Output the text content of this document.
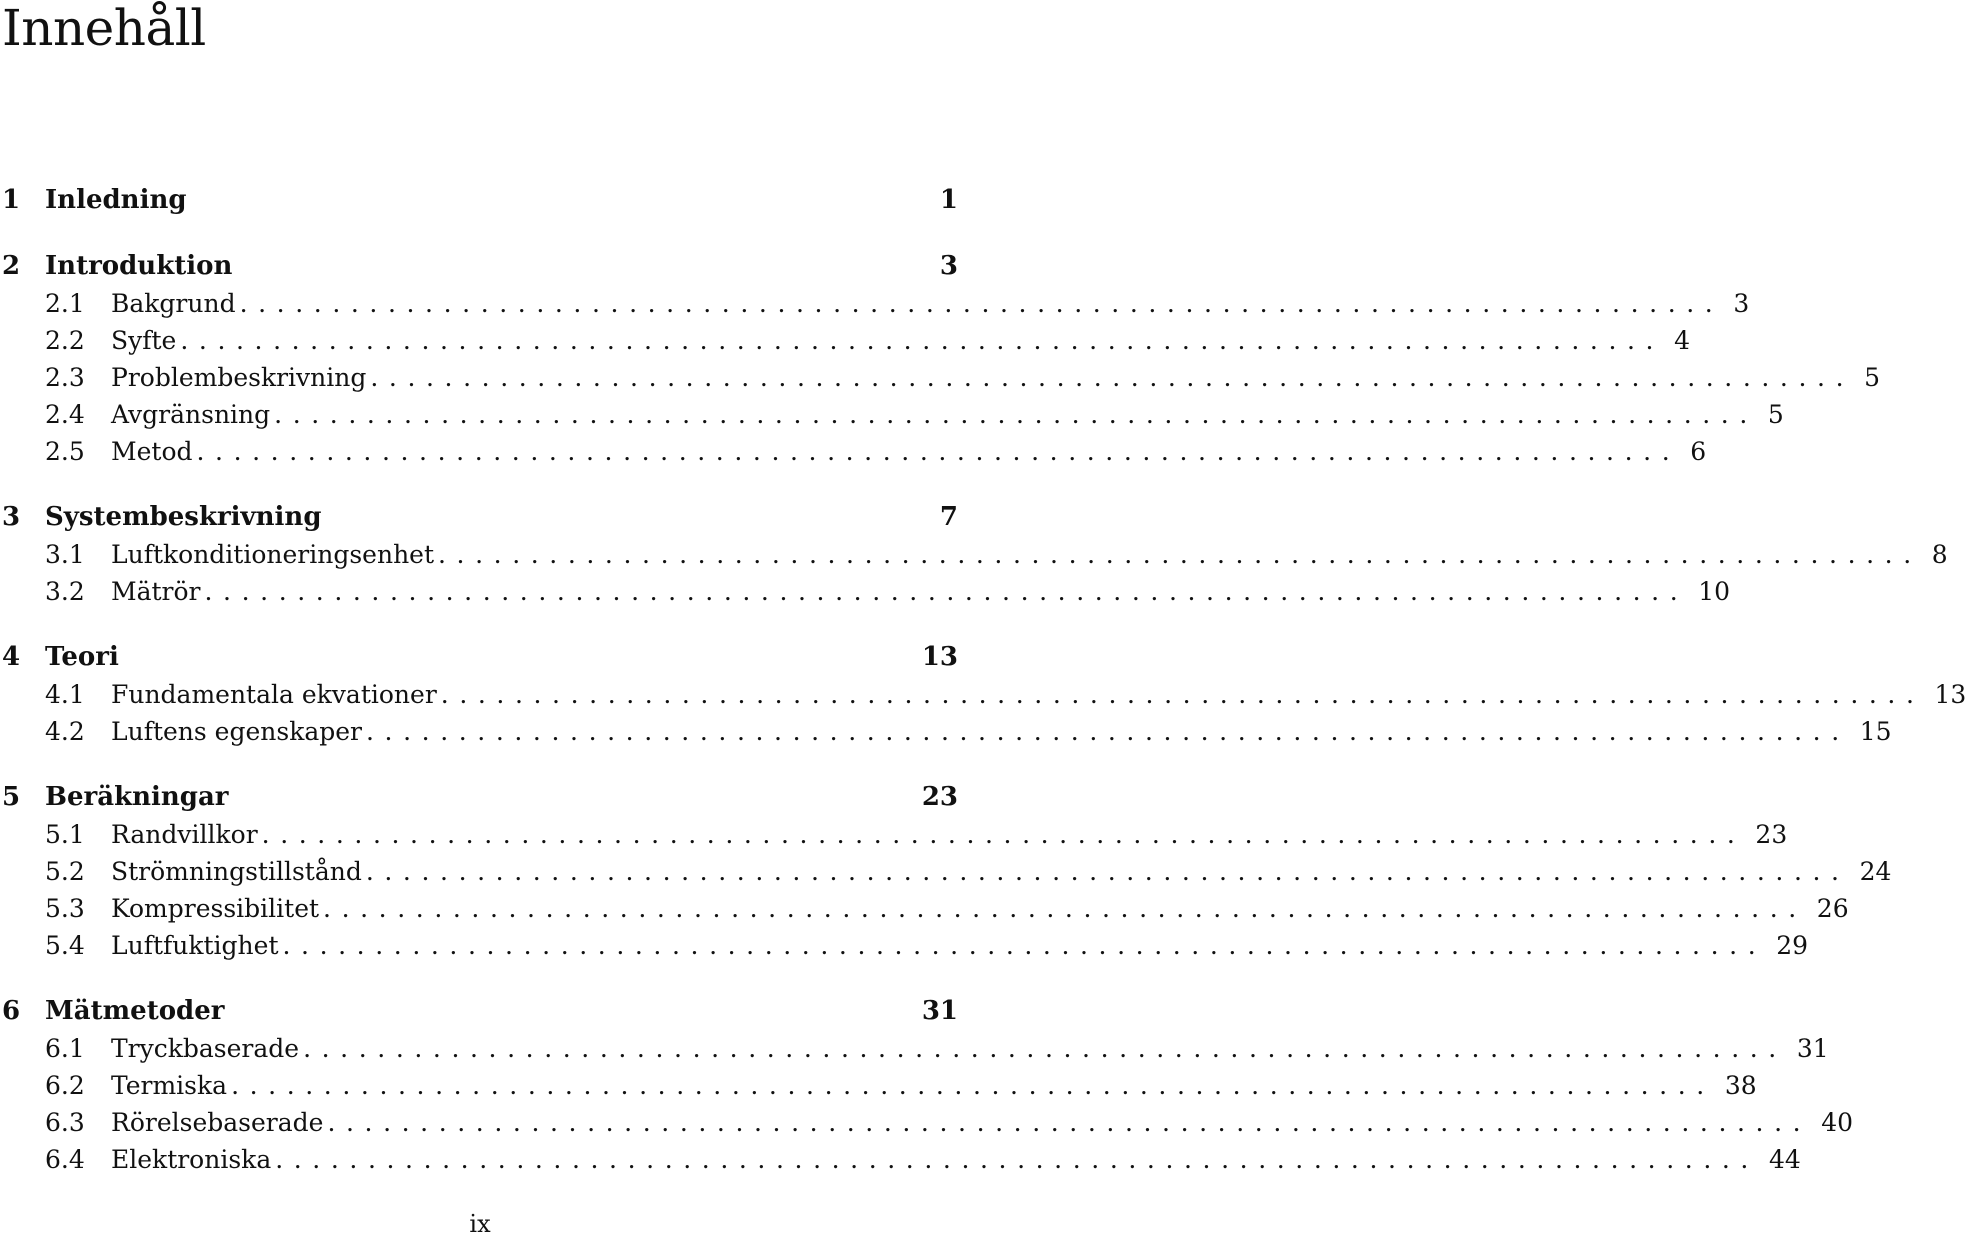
Innehåll
1 Inledning	1
2 Introduktion	3
2.1	Bakgrund ................................................................................ 3
2.2	Syfte ................................................................................ 4
2.3	Problembeskrivning ................................................................................ 5
2.4	Avgränsning ................................................................................ 5
2.5	Metod ................................................................................ 6
3 Systembeskrivning	7
3.1	Luftkonditioneringsenhet ................................................................................ 8
3.2	Mätrör ................................................................................ 10
4 Teori	13
4.1	Fundamentala ekvationer ................................................................................ 13
4.2	Luftens egenskaper ................................................................................ 15
5 Beräkningar	23
5.1	Randvillkor ................................................................................ 23
5.2	Strömningstillstånd ................................................................................ 24
5.3	Kompressibilitet ................................................................................ 26
5.4	Luftfuktighet ................................................................................ 29
6 Mätmetoder	31
6.1	Tryckbaserade ................................................................................ 31
6.2	Termiska ................................................................................ 38
6.3	Rörelsebaserade ................................................................................ 40
6.4	Elektroniska ................................................................................ 44
ix
